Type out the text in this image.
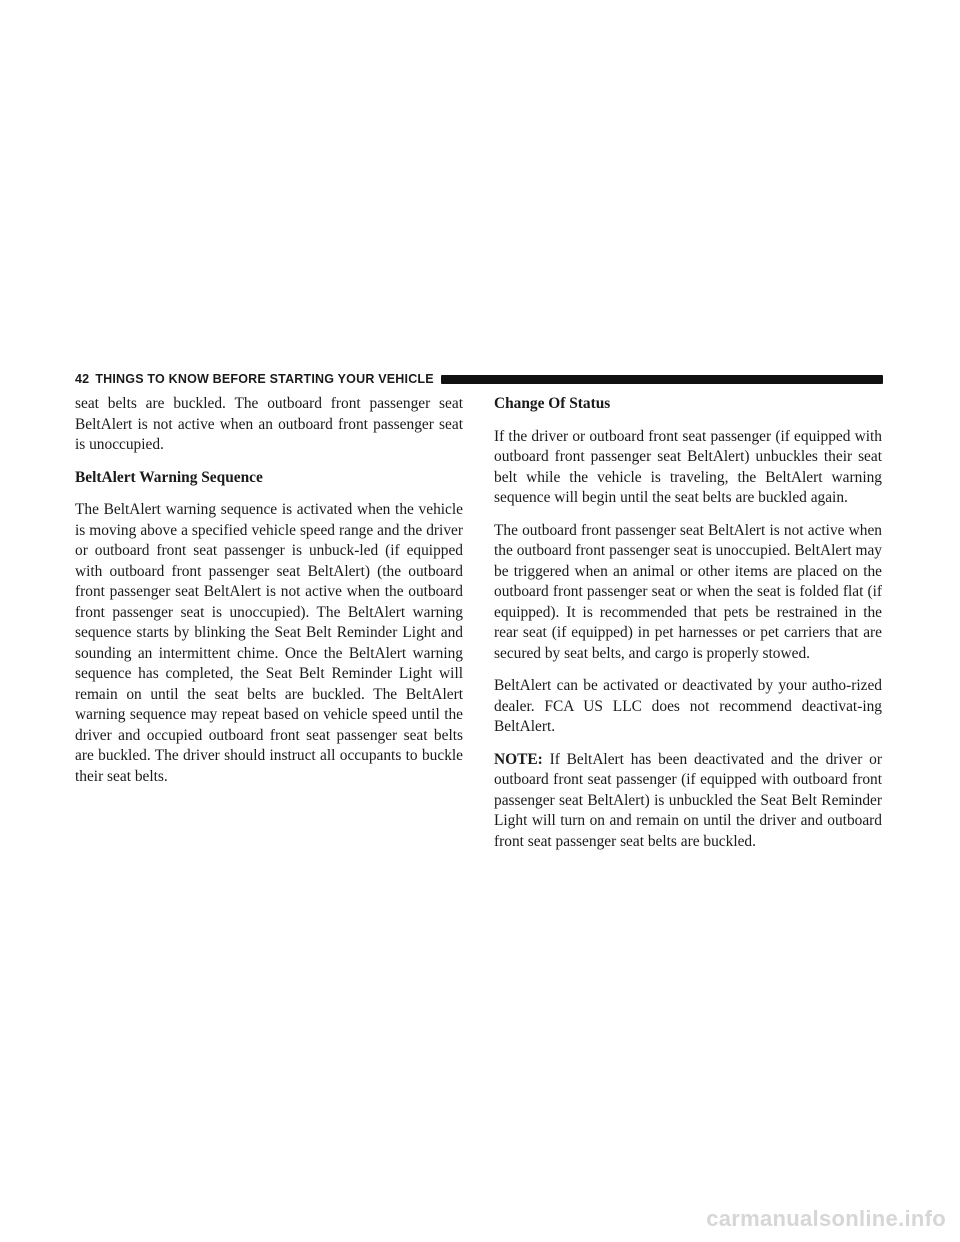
42 THINGS TO KNOW BEFORE STARTING YOUR VEHICLE

seat belts are buckled. The outboard front passenger seat BeltAlert is not active when an outboard front passenger seat is unoccupied.

BeltAlert Warning Sequence

The BeltAlert warning sequence is activated when the vehicle is moving above a specified vehicle speed range and the driver or outboard front seat passenger is unbuck-led (if equipped with outboard front passenger seat BeltAlert) (the outboard front passenger seat BeltAlert is not active when the outboard front passenger seat is unoccupied). The BeltAlert warning sequence starts by blinking the Seat Belt Reminder Light and sounding an intermittent chime. Once the BeltAlert warning sequence has completed, the Seat Belt Reminder Light will remain on until the seat belts are buckled. The BeltAlert warning sequence may repeat based on vehicle speed until the driver and occupied outboard front seat passenger seat belts are buckled. The driver should instruct all occupants to buckle their seat belts.

Change Of Status

If the driver or outboard front seat passenger (if equipped with outboard front passenger seat BeltAlert) unbuckles their seat belt while the vehicle is traveling, the BeltAlert warning sequence will begin until the seat belts are buckled again.

The outboard front passenger seat BeltAlert is not active when the outboard front passenger seat is unoccupied. BeltAlert may be triggered when an animal or other items are placed on the outboard front passenger seat or when the seat is folded flat (if equipped). It is recommended that pets be restrained in the rear seat (if equipped) in pet harnesses or pet carriers that are secured by seat belts, and cargo is properly stowed.

BeltAlert can be activated or deactivated by your autho-rized dealer. FCA US LLC does not recommend deactivat-ing BeltAlert.

NOTE: If BeltAlert has been deactivated and the driver or outboard front seat passenger (if equipped with outboard front passenger seat BeltAlert) is unbuckled the Seat Belt Reminder Light will turn on and remain on until the driver and outboard front seat passenger seat belts are buckled.

carmanualsonline.info
